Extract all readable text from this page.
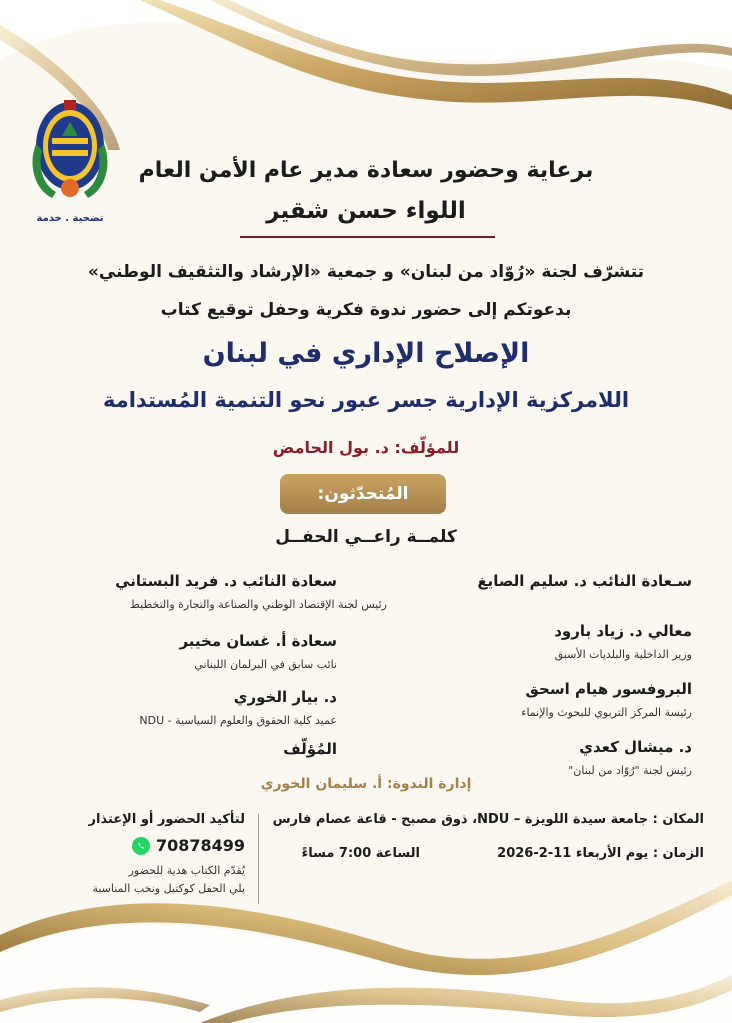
تضحية . خدمة
برعاية وحضور سعادة مدير عام الأمن العام
اللواء حسن شقير
تتشرّف لجنة «رُوّاد من لبنان» و جمعية «الإرشاد والتثقيف الوطني»
بدعوتكم إلى حضور ندوة فكرية وحفل توقيع كتاب
الإصلاح الإداري في لبنان
اللامركزية الإدارية جسر عبور نحو التنمية المُستدامة
للمؤلّف: د. بول الحامض
المُتحدّثون:
كلمــة راعــي الحفــل
سـعادة النائب د. سليم الصايغ
معالي د. زياد بارود
وزير الداخلية والبلديات الأسبق
البروفسور هيام اسحق
رئيسة المركز التربوي للبحوث والإنماء
د. ميشال كعدي
رئيس لجنة "رُوّاد من لبنان"
سعادة النائب د. فريد البستاني
رئيس لجنة الإقتصاد الوطني والصناعة والتجارة والتخطيط
سعادة أ. غسان مخيبر
نائب سابق في البرلمان اللبناني
د. بيار الخوري
عميد كلية الحقوق والعلوم السياسية - NDU
المُؤلّف
إدارة الندوة: أ. سليمان الخوري
المكان : جامعة سيدة اللويزة – NDU، ذوق مصبح - قاعة عصام فارس
الزمان : يوم الأربعاء 11-2-2026
الساعة 7:00 مساءً
لتأكيد الحضور أو الإعتذار
70878499
يُقدّم الكتاب هدية للحضور
يلي الحفل كوكتيل ونخب المناسبة
